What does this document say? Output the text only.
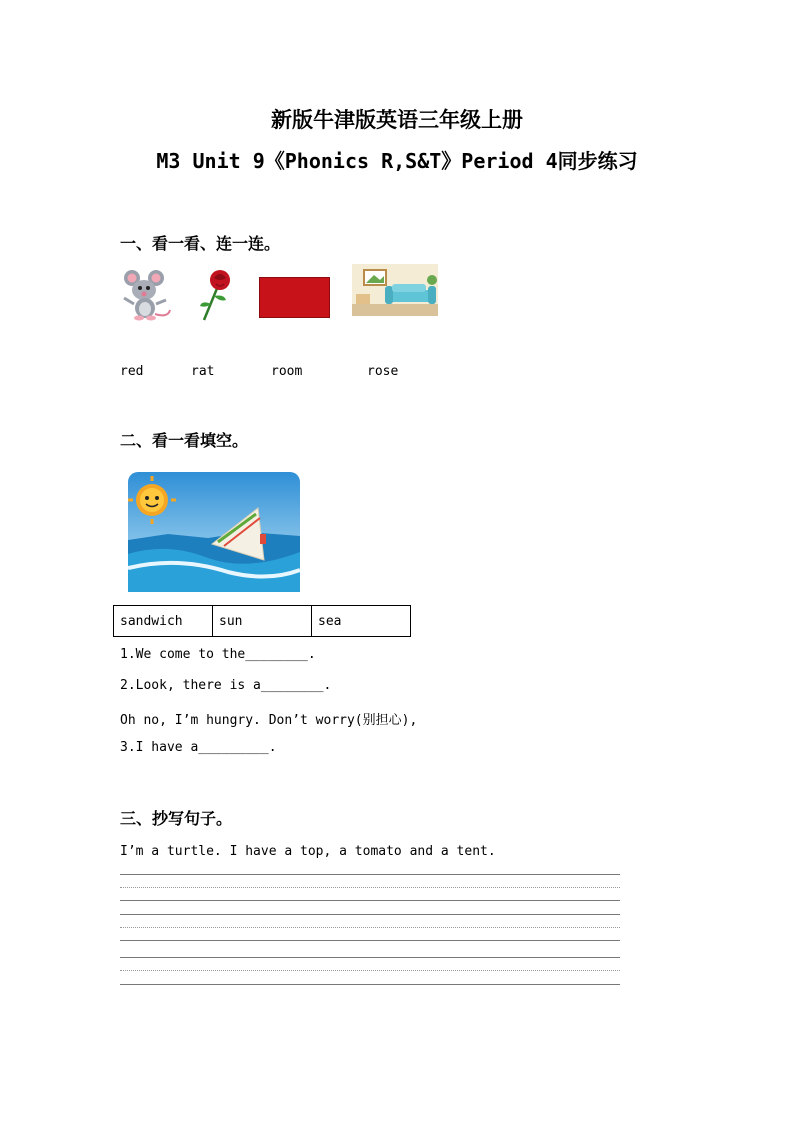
新版牛津版英语三年级上册
M3 Unit 9《Phonics R,S&T》Period 4同步练习
一、看一看、连一连。
red	rat	room	rose
二、看一看填空。
sandwich	sun	sea
1.We come to the________.
2.Look, there is a________.
Oh no, I’m hungry. Don’t worry(别担心),
3.I have a_________.
三、抄写句子。
I’m a turtle. I have a top, a tomato and a tent.
